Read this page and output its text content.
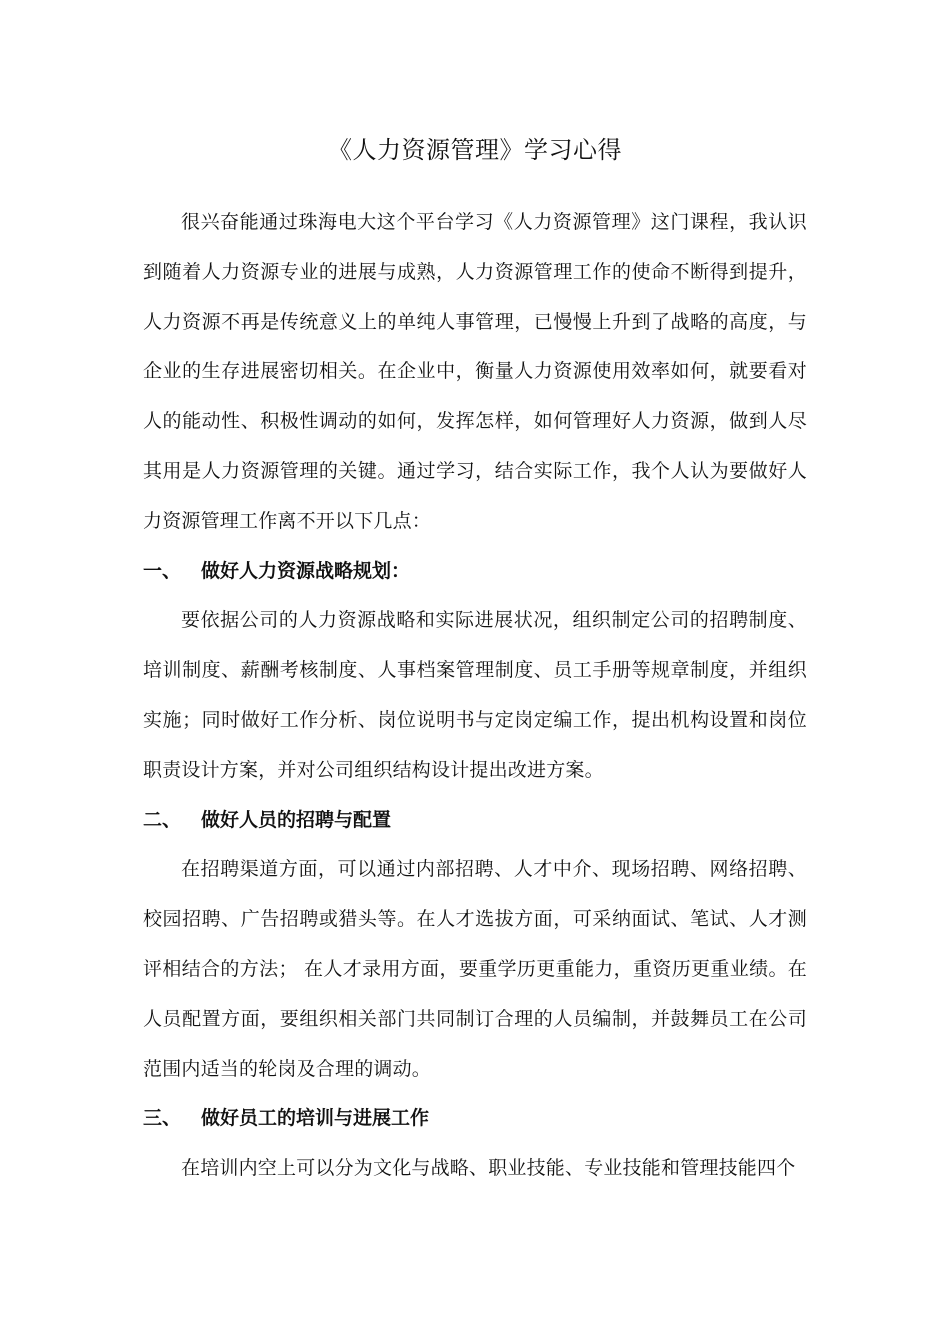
《人力资源管理》学习心得

很兴奋能通过珠海电大这个平台学习《人力资源管理》这门课程，我认识到随着人力资源专业的进展与成熟，人力资源管理工作的使命不断得到提升，人力资源不再是传统意义上的单纯人事管理，已慢慢上升到了战略的高度，与企业的生存进展密切相关。在企业中，衡量人力资源使用效率如何，就要看对人的能动性、积极性调动的如何，发挥怎样，如何管理好人力资源，做到人尽其用是人力资源管理的关键。通过学习，结合实际工作，我个人认为要做好人力资源管理工作离不开以下几点：

一、	做好人力资源战略规划：

要依据公司的人力资源战略和实际进展状况，组织制定公司的招聘制度、培训制度、薪酬考核制度、人事档案管理制度、员工手册等规章制度，并组织实施；同时做好工作分析、岗位说明书与定岗定编工作，提出机构设置和岗位职责设计方案，并对公司组织结构设计提出改进方案。

二、	做好人员的招聘与配置

在招聘渠道方面，可以通过内部招聘、人才中介、现场招聘、网络招聘、校园招聘、广告招聘或猎头等。在人才选拔方面，可采纳面试、笔试、人才测评相结合的方法； 在人才录用方面，要重学历更重能力，重资历更重业绩。在人员配置方面，要组织相关部门共同制订合理的人员编制，并鼓舞员工在公司范围内适当的轮岗及合理的调动。

三、	做好员工的培训与进展工作

在培训内空上可以分为文化与战略、职业技能、专业技能和管理技能四个
